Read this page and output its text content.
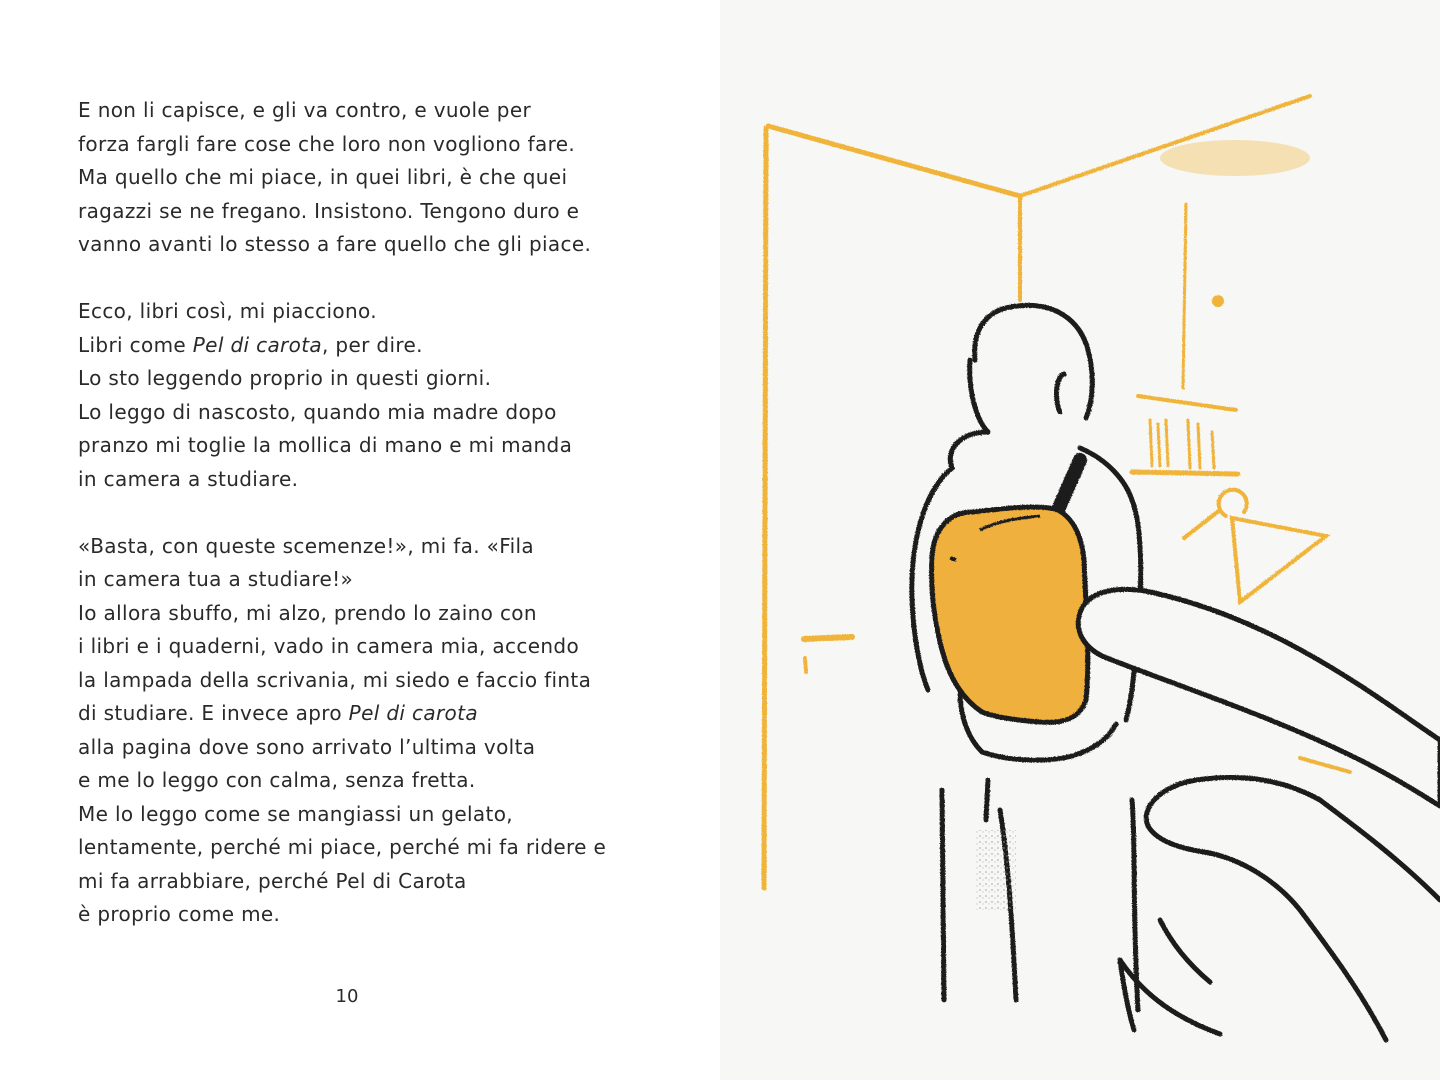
E non li capisce, e gli va contro, e vuole per
forza fargli fare cose che loro non vogliono fare.
Ma quello che mi piace, in quei libri, è che quei
ragazzi se ne fregano. Insistono. Tengono duro e
vanno avanti lo stesso a fare quello che gli piace.
Ecco, libri così, mi piacciono.
Libri come Pel di carota, per dire.
Lo sto leggendo proprio in questi giorni.
Lo leggo di nascosto, quando mia madre dopo
pranzo mi toglie la mollica di mano e mi manda
in camera a studiare.
«Basta, con queste scemenze!», mi fa. «Fila
in camera tua a studiare!»
Io allora sbuffo, mi alzo, prendo lo zaino con
i libri e i quaderni, vado in camera mia, accendo
la lampada della scrivania, mi siedo e faccio finta
di studiare. E invece apro Pel di carota
alla pagina dove sono arrivato l’ultima volta
e me lo leggo con calma, senza fretta.
Me lo leggo come se mangiassi un gelato,
lentamente, perché mi piace, perché mi fa ridere e
mi fa arrabbiare, perché Pel di Carota
è proprio come me.
10
